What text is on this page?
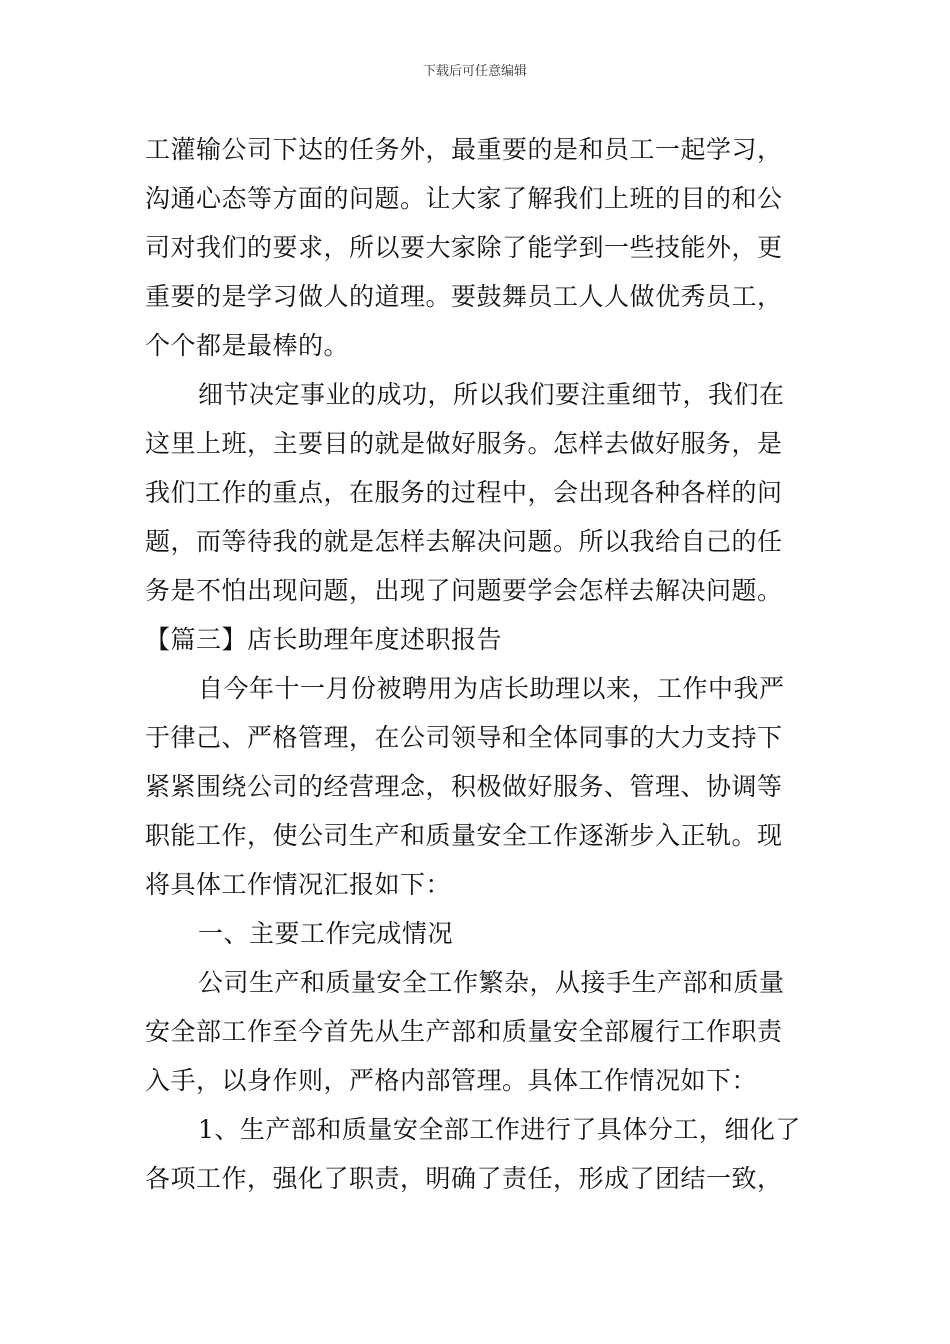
下载后可任意编辑
工灌输公司下达的任务外，最重要的是和员工一起学习，
沟通心态等方面的问题。让大家了解我们上班的目的和公
司对我们的要求，所以要大家除了能学到一些技能外，更
重要的是学习做人的道理。要鼓舞员工人人做优秀员工，
个个都是最棒的。
细节决定事业的成功，所以我们要注重细节，我们在
这里上班，主要目的就是做好服务。怎样去做好服务，是
我们工作的重点，在服务的过程中，会出现各种各样的问
题，而等待我的就是怎样去解决问题。所以我给自己的任
务是不怕出现问题，出现了问题要学会怎样去解决问题。
【篇三】店长助理年度述职报告
自今年十一月份被聘用为店长助理以来，工作中我严
于律己、严格管理，在公司领导和全体同事的大力支持下
紧紧围绕公司的经营理念，积极做好服务、管理、协调等
职能工作，使公司生产和质量安全工作逐渐步入正轨。现
将具体工作情况汇报如下：
一、主要工作完成情况
公司生产和质量安全工作繁杂，从接手生产部和质量
安全部工作至今首先从生产部和质量安全部履行工作职责
入手，以身作则，严格内部管理。具体工作情况如下：
1、生产部和质量安全部工作进行了具体分工，细化了
各项工作，强化了职责，明确了责任，形成了团结一致，
